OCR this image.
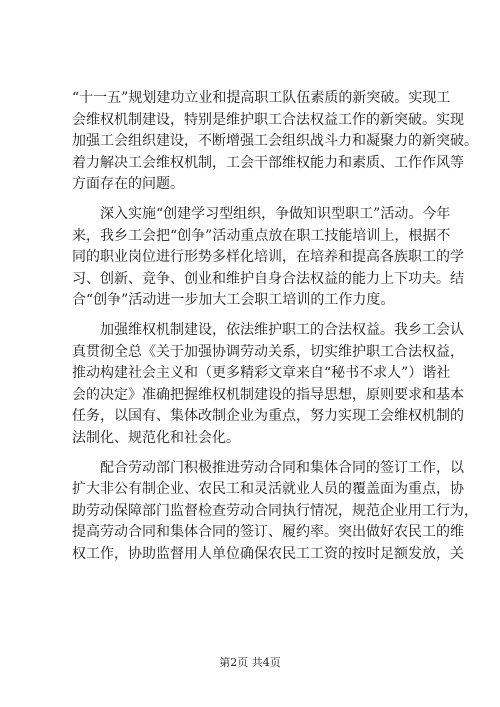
“十一五”规划建功立业和提高职工队伍素质的新突破。实现工
会维权机制建设，特别是维护职工合法权益工作的新突破。实现
加强工会组织建设，不断增强工会组织战斗力和凝聚力的新突破。
着力解决工会维权机制，工会干部维权能力和素质、工作作风等
方面存在的问题。
　　深入实施“创建学习型组织，争做知识型职工”活动。今年
来，我乡工会把“创争”活动重点放在职工技能培训上，根据不
同的职业岗位进行形势多样化培训，在培养和提高各族职工的学
习、创新、竞争、创业和维护自身合法权益的能力上下功夫。结
合“创争”活动进一步加大工会职工培训的工作力度。
　　加强维权机制建设，依法维护职工的合法权益。我乡工会认
真贯彻全总《关于加强协调劳动关系，切实维护职工合法权益，
推动构建社会主义和（更多精彩文章来自“秘书不求人”）谐社
会的决定》准确把握维权机制建设的指导思想，原则要求和基本
任务，以国有、集体改制企业为重点，努力实现工会维权机制的
法制化、规范化和社会化。
　　配合劳动部门积极推进劳动合同和集体合同的签订工作，以
扩大非公有制企业、农民工和灵活就业人员的覆盖面为重点，协
助劳动保障部门监督检查劳动合同执行情况，规范企业用工行为，
提高劳动合同和集体合同的签订、履约率。突出做好农民工的维
权工作，协助监督用人单位确保农民工工资的按时足额发放，关
第2页 共4页
